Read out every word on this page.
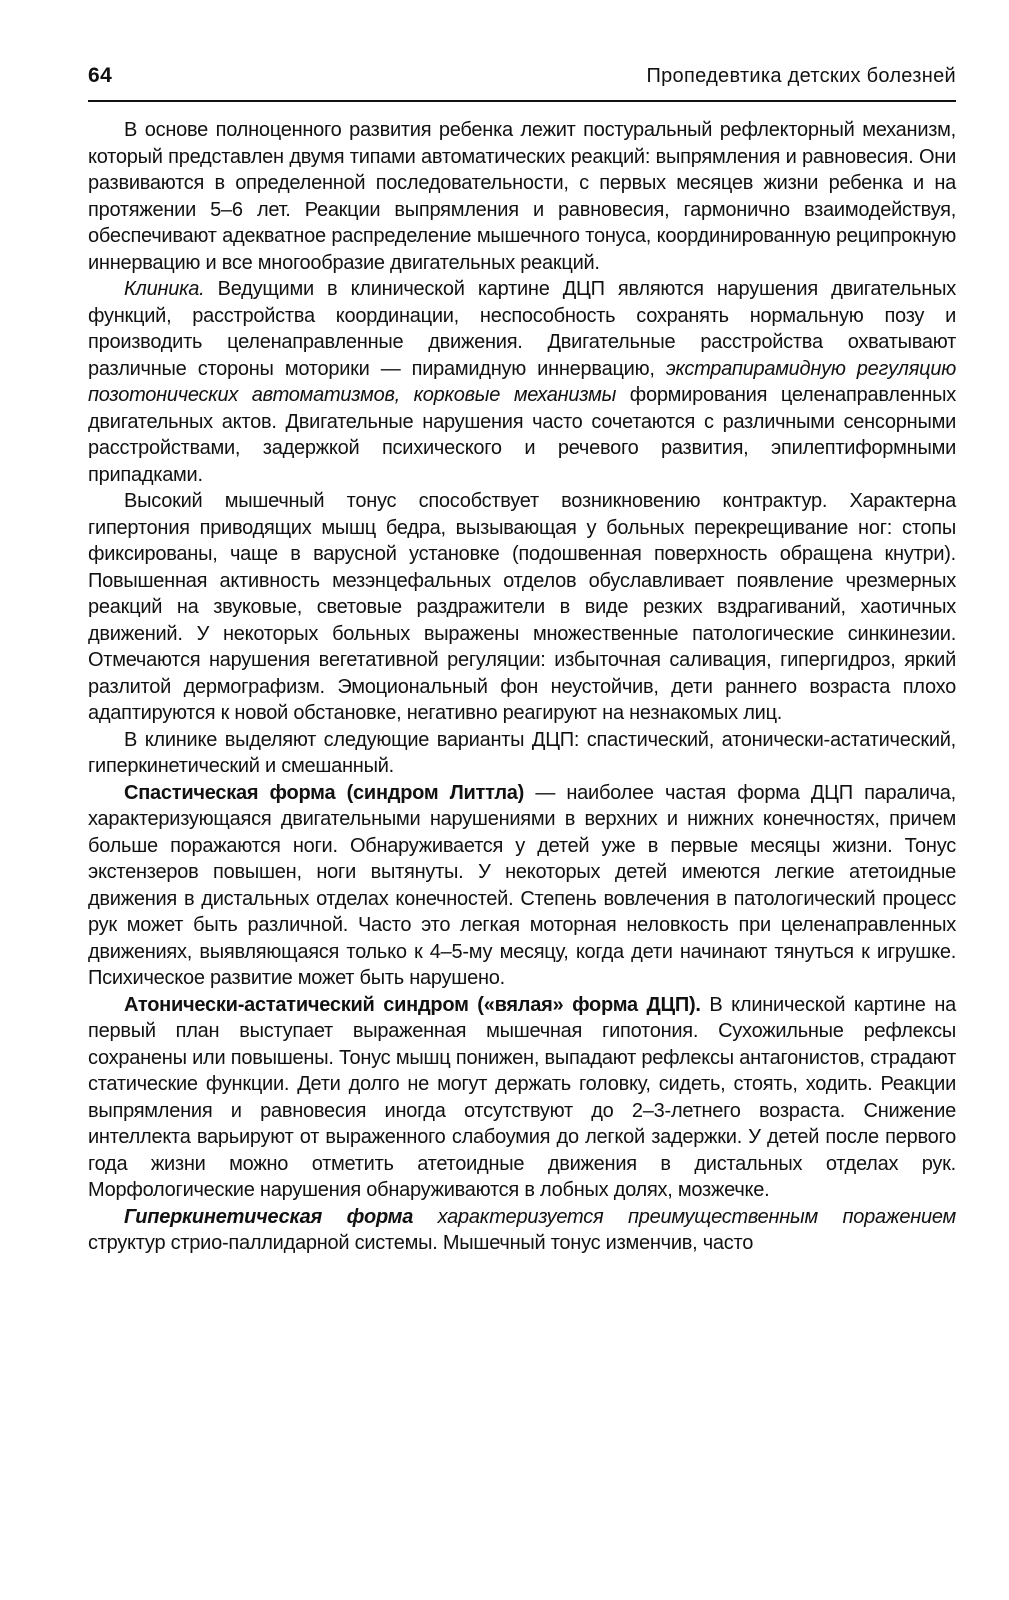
64	Пропедевтика детских болезней

В основе полноценного развития ребенка лежит постуральный рефлекторный механизм, который представлен двумя типами автоматических реакций: выпрямления и равновесия. Они развиваются в определенной последовательности, с первых месяцев жизни ребенка и на протяжении 5–6 лет. Реакции выпрямления и равновесия, гармонично взаимодействуя, обеспечивают адекватное распределение мышечного тонуса, координированную реципрокную иннервацию и все многообразие двигательных реакций.

Клиника. Ведущими в клинической картине ДЦП являются нарушения двигательных функций, расстройства координации, неспособность сохранять нормальную позу и производить целенаправленные движения. Двигательные расстройства охватывают различные стороны моторики — пирамидную иннервацию, экстрапирамидную регуляцию позотонических автоматизмов, корковые механизмы формирования целенаправленных двигательных актов. Двигательные нарушения часто сочетаются с различными сенсорными расстройствами, задержкой психического и речевого развития, эпилептиформными припадками.

Высокий мышечный тонус способствует возникновению контрактур. Характерна гипертония приводящих мышц бедра, вызывающая у больных перекрещивание ног: стопы фиксированы, чаще в варусной установке (подошвенная поверхность обращена кнутри). Повышенная активность мезэнцефальных отделов обуславливает появление чрезмерных реакций на звуковые, световые раздражители в виде резких вздрагиваний, хаотичных движений. У некоторых больных выражены множественные патологические синкинезии. Отмечаются нарушения вегетативной регуляции: избыточная саливация, гипергидроз, яркий разлитой дермографизм. Эмоциональный фон неустойчив, дети раннего возраста плохо адаптируются к новой обстановке, негативно реагируют на незнакомых лиц.

В клинике выделяют следующие варианты ДЦП: спастический, атонически-астатический, гиперкинетический и смешанный.

Спастическая форма (синдром Литтла) — наиболее частая форма ДЦП паралича, характеризующаяся двигательными нарушениями в верхних и нижних конечностях, причем больше поражаются ноги. Обнаруживается у детей уже в первые месяцы жизни. Тонус экстензеров повышен, ноги вытянуты. У некоторых детей имеются легкие атетоидные движения в дистальных отделах конечностей. Степень вовлечения в патологический процесс рук может быть различной. Часто это легкая моторная неловкость при целенаправленных движениях, выявляющаяся только к 4–5-му месяцу, когда дети начинают тянуться к игрушке. Психическое развитие может быть нарушено.

Атонически-астатический синдром («вялая» форма ДЦП). В клинической картине на первый план выступает выраженная мышечная гипотония. Сухожильные рефлексы сохранены или повышены. Тонус мышц понижен, выпадают рефлексы антагонистов, страдают статические функции. Дети долго не могут держать головку, сидеть, стоять, ходить. Реакции выпрямления и равновесия иногда отсутствуют до 2–3-летнего возраста. Снижение интеллекта варьируют от выраженного слабоумия до легкой задержки. У детей после первого года жизни можно отметить атетоидные движения в дистальных отделах рук. Морфологические нарушения обнаруживаются в лобных долях, мозжечке.

Гиперкинетическая форма характеризуется преимущественным поражением структур стрио-паллидарной системы. Мышечный тонус изменчив, часто
